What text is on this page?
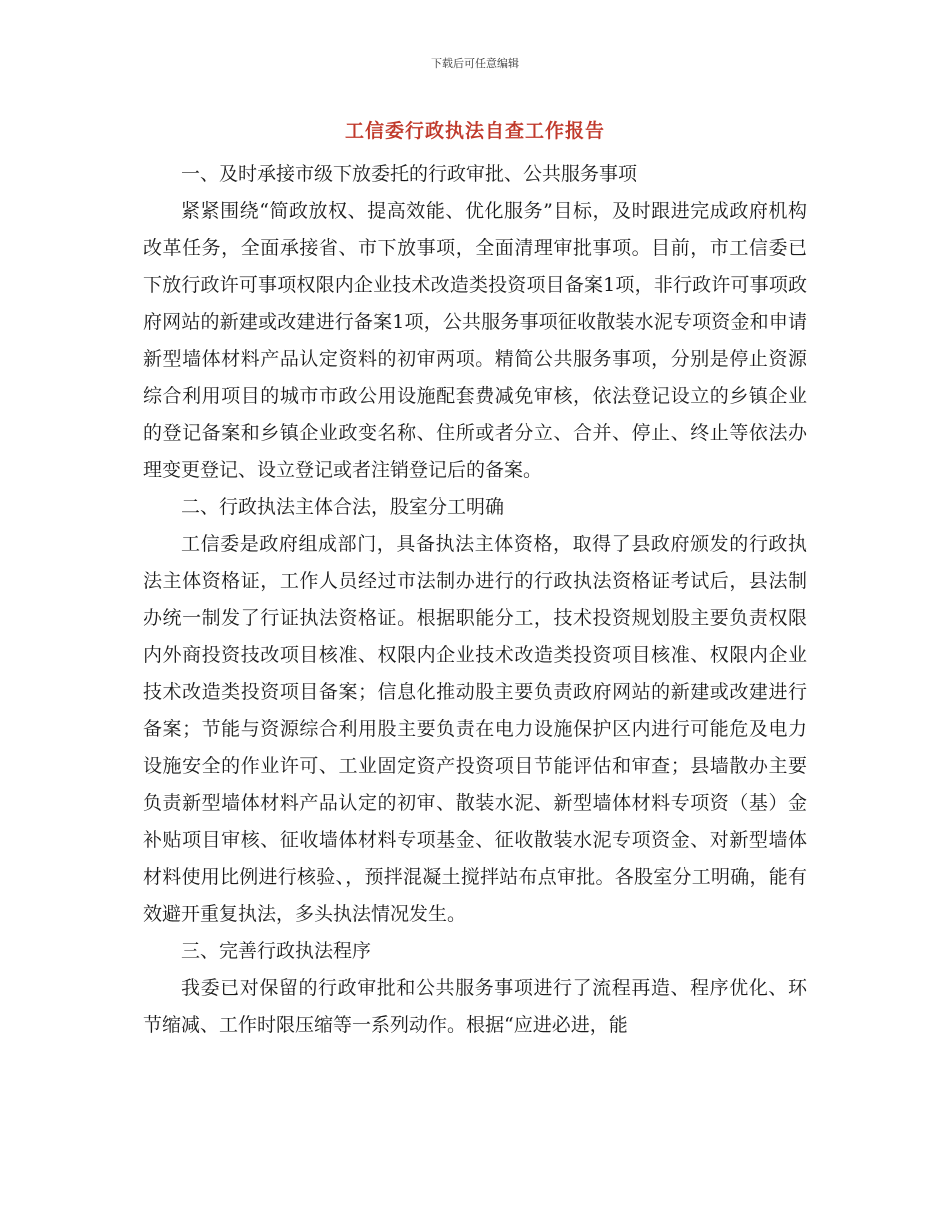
下载后可任意编辑
工信委行政执法自查工作报告

一、及时承接市级下放委托的行政审批、公共服务事项

紧紧围绕“简政放权、提高效能、优化服务”目标，及时跟进完成政府机构改革任务，全面承接省、市下放事项，全面清理审批事项。目前，市工信委已下放行政许可事项权限内企业技术改造类投资项目备案1项，非行政许可事项政府网站的新建或改建进行备案1项，公共服务事项征收散装水泥专项资金和申请新型墙体材料产品认定资料的初审两项。精简公共服务事项，分别是停止资源综合利用项目的城市市政公用设施配套费减免审核，依法登记设立的乡镇企业的登记备案和乡镇企业政变名称、住所或者分立、合并、停止、终止等依法办理变更登记、设立登记或者注销登记后的备案。

二、行政执法主体合法，股室分工明确

工信委是政府组成部门，具备执法主体资格，取得了县政府颁发的行政执法主体资格证，工作人员经过市法制办进行的行政执法资格证考试后，县法制办统一制发了行证执法资格证。根据职能分工，技术投资规划股主要负责权限内外商投资技改项目核准、权限内企业技术改造类投资项目核准、权限内企业技术改造类投资项目备案；信息化推动股主要负责政府网站的新建或改建进行备案；节能与资源综合利用股主要负责在电力设施保护区内进行可能危及电力设施安全的作业许可、工业固定资产投资项目节能评估和审查；县墙散办主要负责新型墙体材料产品认定的初审、散装水泥、新型墙体材料专项资（基）金补贴项目审核、征收墙体材料专项基金、征收散装水泥专项资金、对新型墙体材料使用比例进行核验、，预拌混凝土搅拌站布点审批。各股室分工明确，能有效避开重复执法，多头执法情况发生。

三、完善行政执法程序

我委已对保留的行政审批和公共服务事项进行了流程再造、程序优化、环节缩减、工作时限压缩等一系列动作。根据“应进必进，能
